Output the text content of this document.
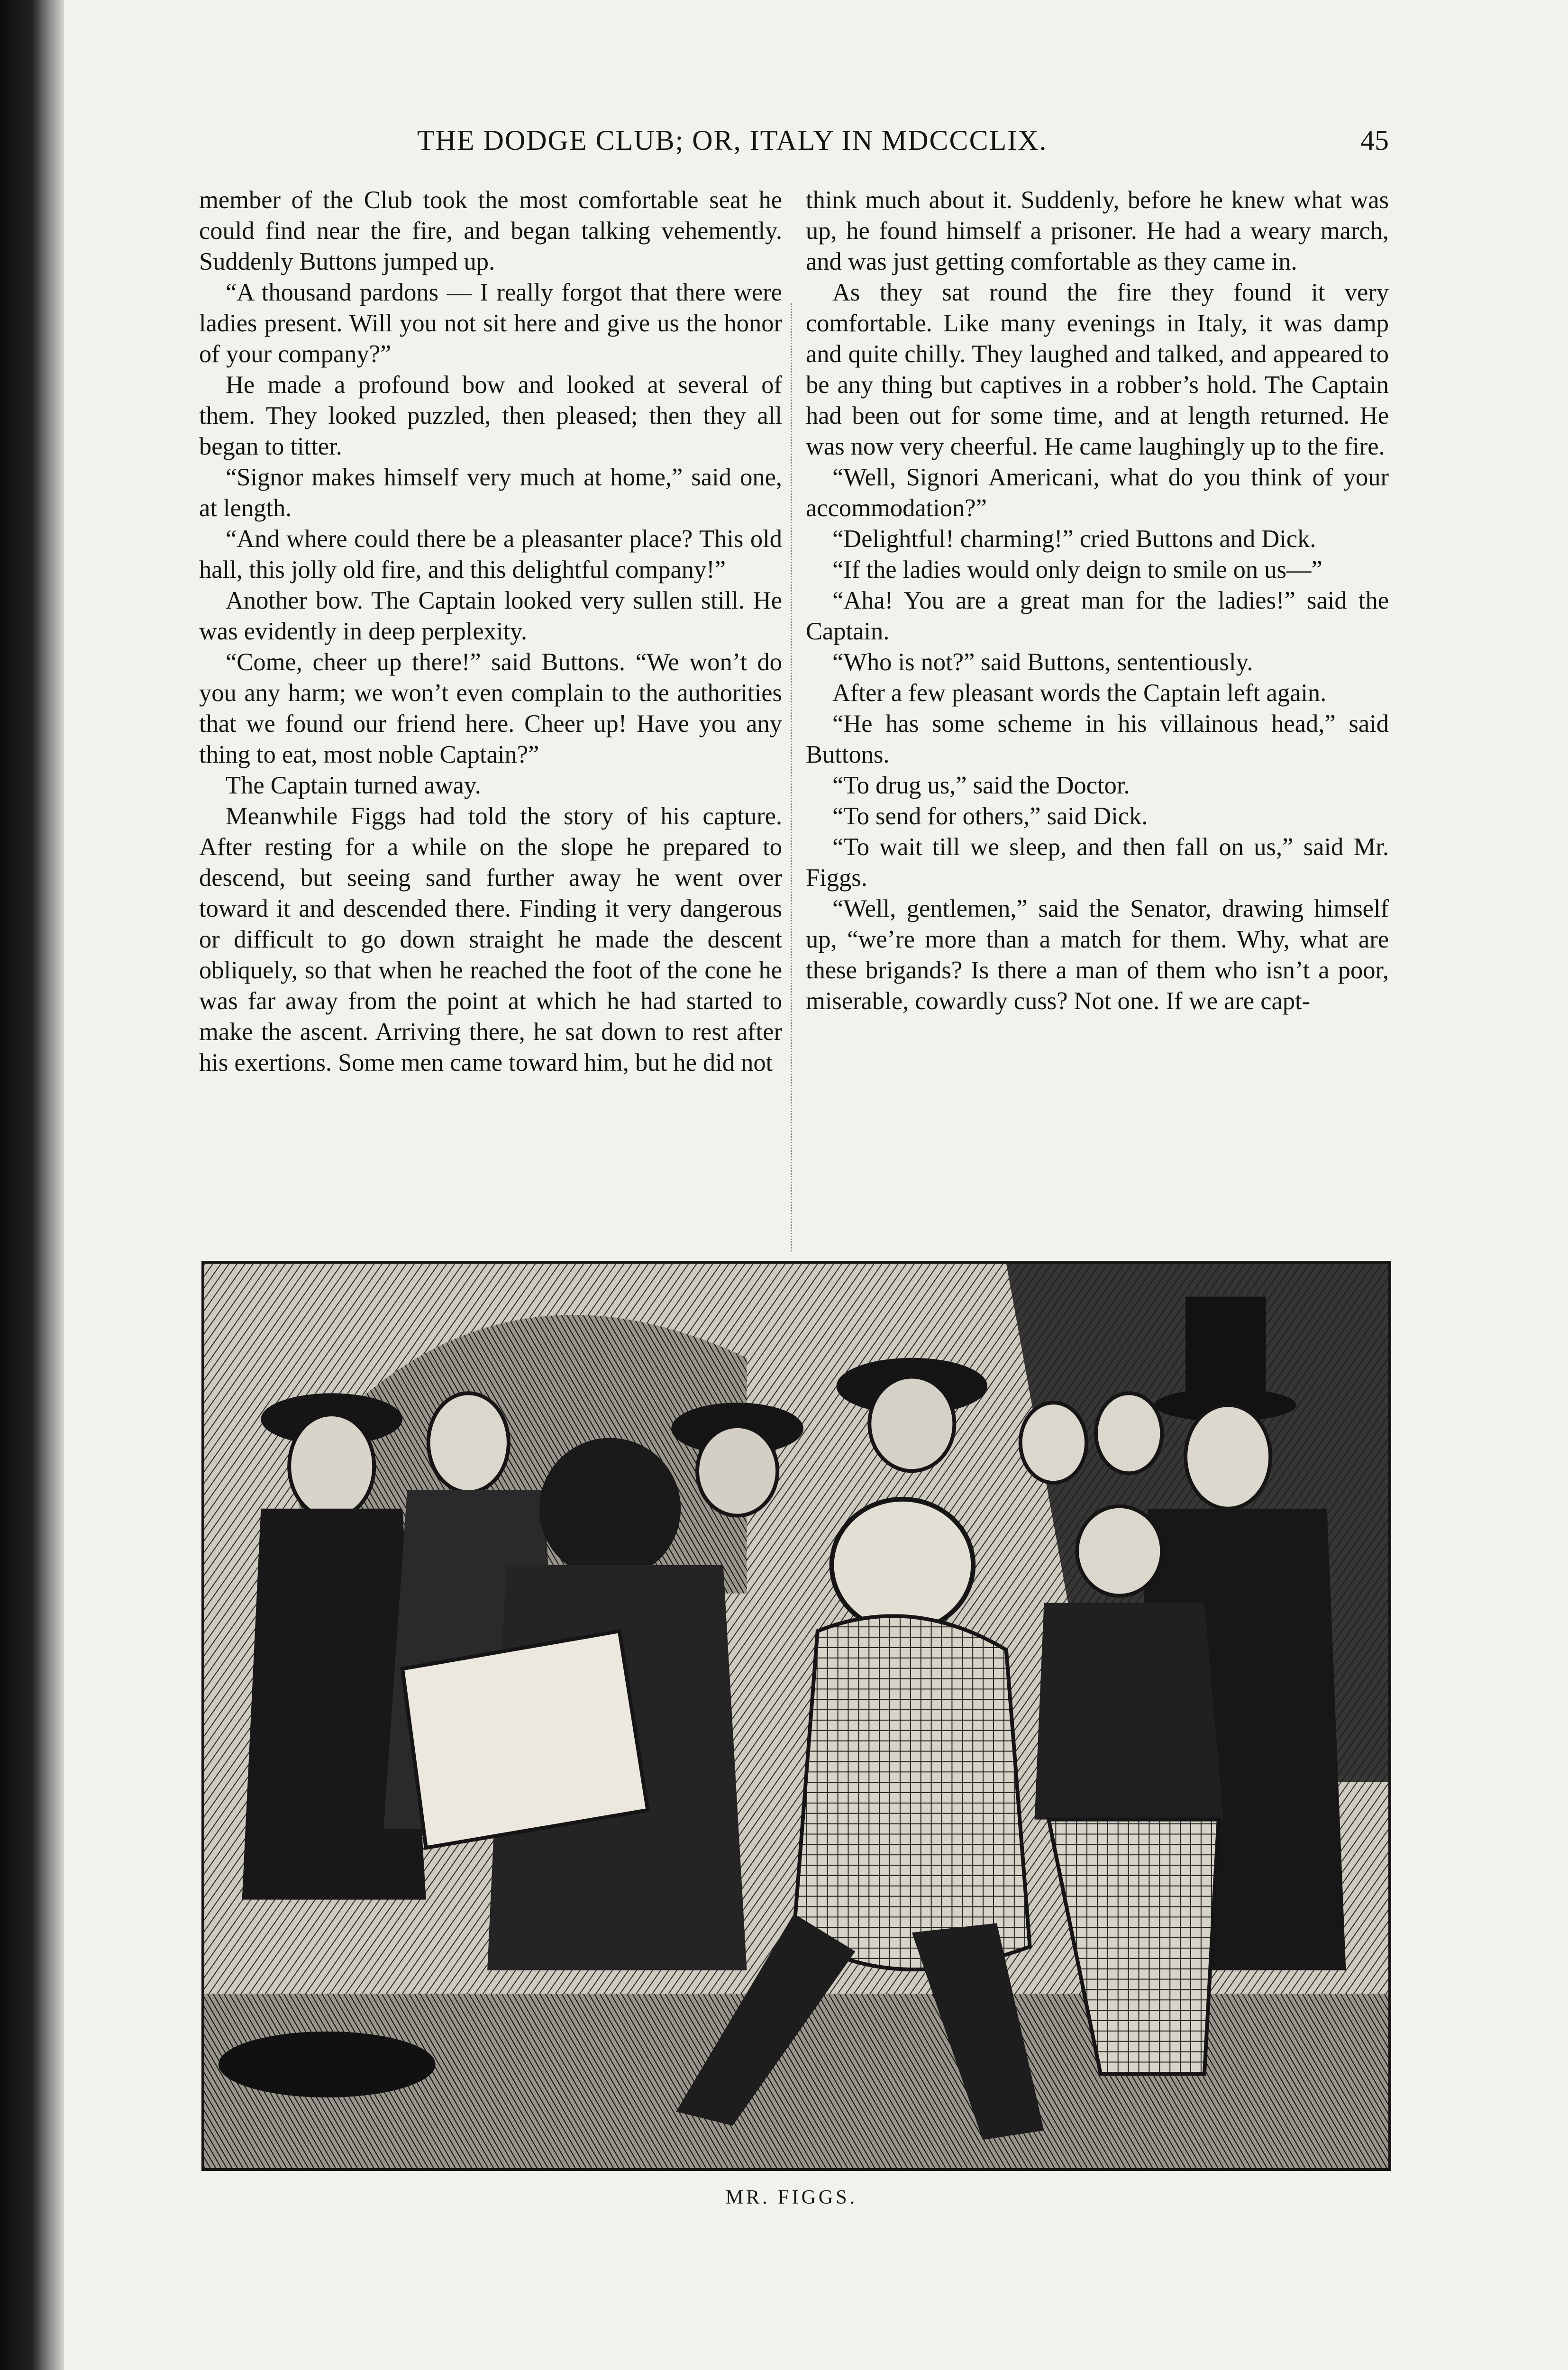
THE DODGE CLUB; OR, ITALY IN MDCCCLIX.	45

member of the Club took the most comfortable seat he could find near the fire, and began talking vehemently. Suddenly Buttons jumped up.

“A thousand pardons — I really forgot that there were ladies present. Will you not sit here and give us the honor of your company?”

He made a profound bow and looked at several of them. They looked puzzled, then pleased; then they all began to titter.

“Signor makes himself very much at home,” said one, at length.

“And where could there be a pleasanter place? This old hall, this jolly old fire, and this delightful company!”

Another bow. The Captain looked very sullen still. He was evidently in deep perplexity.

“Come, cheer up there!” said Buttons. “We won’t do you any harm; we won’t even complain to the authorities that we found our friend here. Cheer up! Have you any thing to eat, most noble Captain?”

The Captain turned away.

Meanwhile Figgs had told the story of his capture. After resting for a while on the slope he prepared to descend, but seeing sand further away he went over toward it and descended there. Finding it very dangerous or difficult to go down straight he made the descent obliquely, so that when he reached the foot of the cone he was far away from the point at which he had started to make the ascent. Arriving there, he sat down to rest after his exertions. Some men came toward him, but he did not

think much about it. Suddenly, before he knew what was up, he found himself a prisoner. He had a weary march, and was just getting comfortable as they came in.

As they sat round the fire they found it very comfortable. Like many evenings in Italy, it was damp and quite chilly. They laughed and talked, and appeared to be any thing but captives in a robber’s hold. The Captain had been out for some time, and at length returned. He was now very cheerful. He came laughingly up to the fire.

“Well, Signori Americani, what do you think of your accommodation?”

“Delightful! charming!” cried Buttons and Dick.

“If the ladies would only deign to smile on us—”

“Aha! You are a great man for the ladies!” said the Captain.

“Who is not?” said Buttons, sententiously.

After a few pleasant words the Captain left again.

“He has some scheme in his villainous head,” said Buttons.

“To drug us,” said the Doctor.

“To send for others,” said Dick.

“To wait till we sleep, and then fall on us,” said Mr. Figgs.

“Well, gentlemen,” said the Senator, drawing himself up, “we’re more than a match for them. Why, what are these brigands? Is there a man of them who isn’t a poor, miserable, cowardly cuss? Not one. If we are capt-

MR. FIGGS.
